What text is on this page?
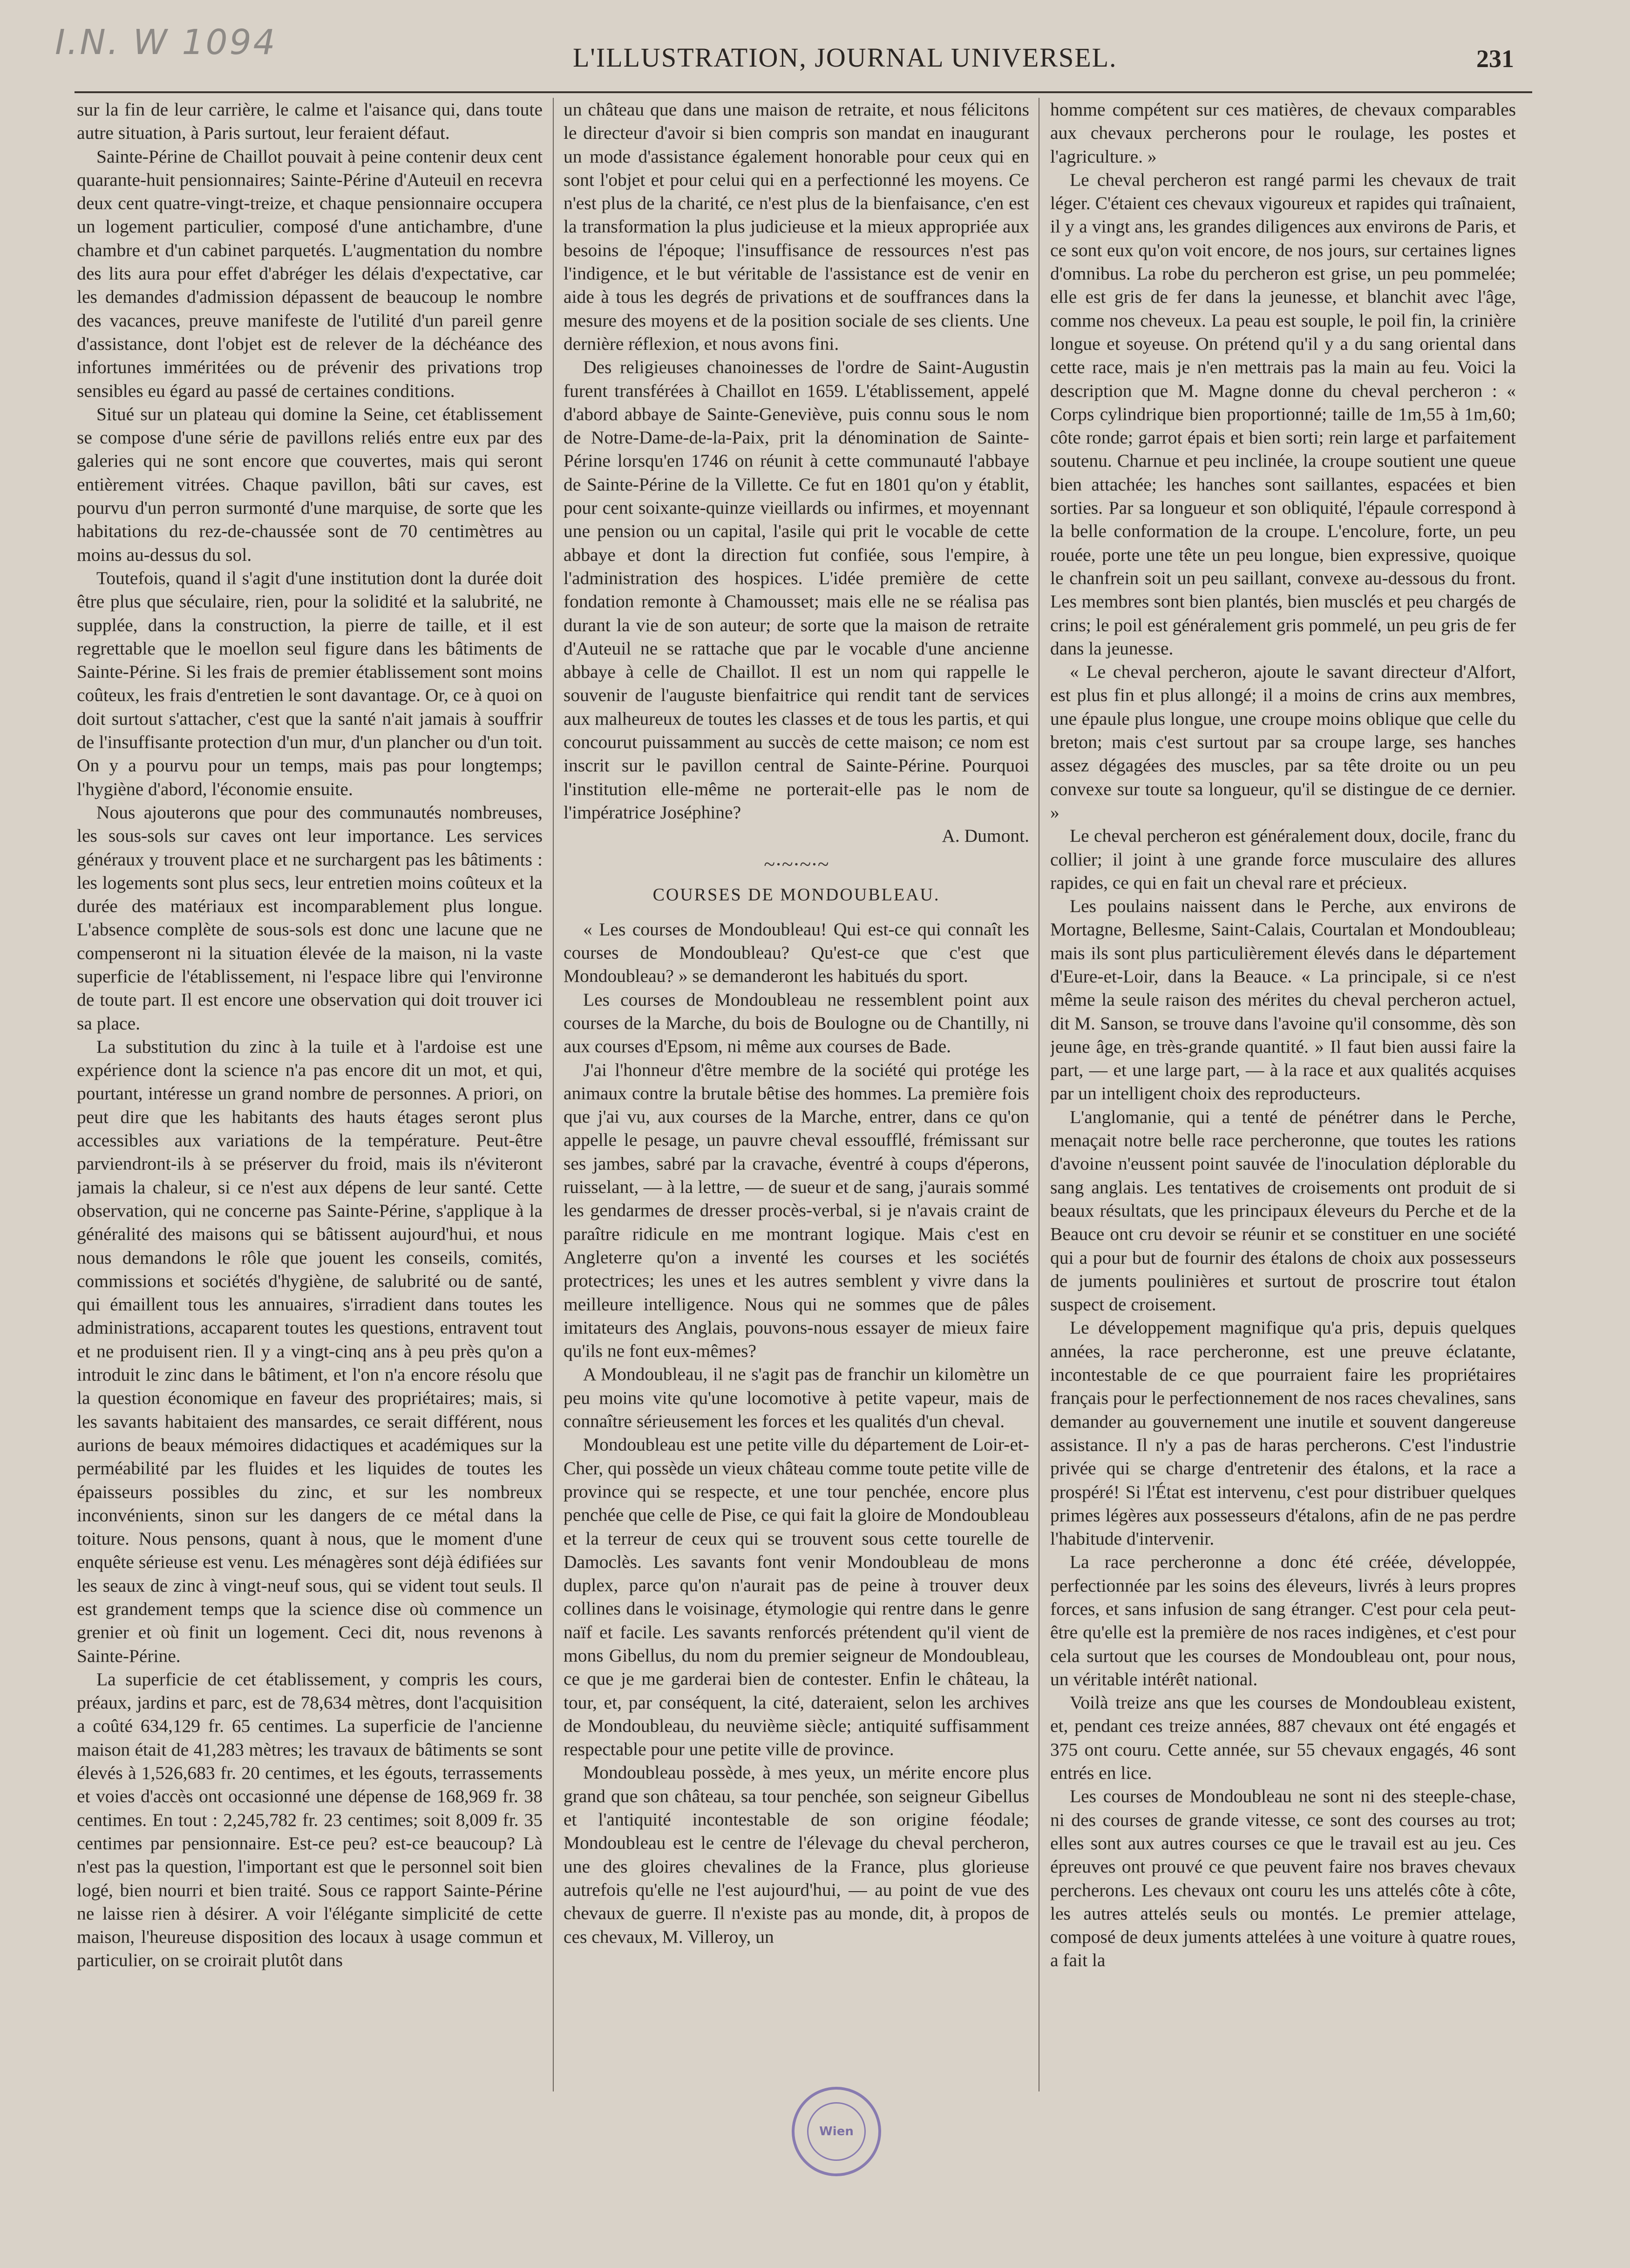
I.N. W 1094	L'ILLUSTRATION, JOURNAL UNIVERSEL.	231

sur la fin de leur carrière, le calme et l'aisance qui, dans toute autre situation, à Paris surtout, leur feraient défaut.

Sainte-Périne de Chaillot pouvait à peine contenir deux cent quarante-huit pensionnaires; Sainte-Périne d'Auteuil en recevra deux cent quatre-vingt-treize, et chaque pensionnaire occupera un logement particulier, composé d'une antichambre, d'une chambre et d'un cabinet parquetés. L'augmentation du nombre des lits aura pour effet d'abréger les délais d'expectative, car les demandes d'admission dépassent de beaucoup le nombre des vacances, preuve manifeste de l'utilité d'un pareil genre d'assistance, dont l'objet est de relever de la déchéance des infortunes imméritées ou de prévenir des privations trop sensibles eu égard au passé de certaines conditions.

Situé sur un plateau qui domine la Seine, cet établissement se compose d'une série de pavillons reliés entre eux par des galeries qui ne sont encore que couvertes, mais qui seront entièrement vitrées. Chaque pavillon, bâti sur caves, est pourvu d'un perron surmonté d'une marquise, de sorte que les habitations du rez-de-chaussée sont de 70 centimètres au moins au-dessus du sol.

Toutefois, quand il s'agit d'une institution dont la durée doit être plus que séculaire, rien, pour la solidité et la salubrité, ne supplée, dans la construction, la pierre de taille, et il est regrettable que le moellon seul figure dans les bâtiments de Sainte-Périne. Si les frais de premier établissement sont moins coûteux, les frais d'entretien le sont davantage. Or, ce à quoi on doit surtout s'attacher, c'est que la santé n'ait jamais à souffrir de l'insuffisante protection d'un mur, d'un plancher ou d'un toit. On y a pourvu pour un temps, mais pas pour longtemps; l'hygiène d'abord, l'économie ensuite.

Nous ajouterons que pour des communautés nombreuses, les sous-sols sur caves ont leur importance. Les services généraux y trouvent place et ne surchargent pas les bâtiments : les logements sont plus secs, leur entretien moins coûteux et la durée des matériaux est incomparablement plus longue. L'absence complète de sous-sols est donc une lacune que ne compenseront ni la situation élevée de la maison, ni la vaste superficie de l'établissement, ni l'espace libre qui l'environne de toute part. Il est encore une observation qui doit trouver ici sa place.

La substitution du zinc à la tuile et à l'ardoise est une expérience dont la science n'a pas encore dit un mot, et qui, pourtant, intéresse un grand nombre de personnes. A priori, on peut dire que les habitants des hauts étages seront plus accessibles aux variations de la température. Peut-être parviendront-ils à se préserver du froid, mais ils n'éviteront jamais la chaleur, si ce n'est aux dépens de leur santé. Cette observation, qui ne concerne pas Sainte-Périne, s'applique à la généralité des maisons qui se bâtissent aujourd'hui, et nous nous demandons le rôle que jouent les conseils, comités, commissions et sociétés d'hygiène, de salubrité ou de santé, qui émaillent tous les annuaires, s'irradient dans toutes les administrations, accaparent toutes les questions, entravent tout et ne produisent rien. Il y a vingt-cinq ans à peu près qu'on a introduit le zinc dans le bâtiment, et l'on n'a encore résolu que la question économique en faveur des propriétaires; mais, si les savants habitaient des mansardes, ce serait différent, nous aurions de beaux mémoires didactiques et académiques sur la perméabilité par les fluides et les liquides de toutes les épaisseurs possibles du zinc, et sur les nombreux inconvénients, sinon sur les dangers de ce métal dans la toiture. Nous pensons, quant à nous, que le moment d'une enquête sérieuse est venu. Les ménagères sont déjà édifiées sur les seaux de zinc à vingt-neuf sous, qui se vident tout seuls. Il est grandement temps que la science dise où commence un grenier et où finit un logement. Ceci dit, nous revenons à Sainte-Périne.

La superficie de cet établissement, y compris les cours, préaux, jardins et parc, est de 78,634 mètres, dont l'acquisition a coûté 634,129 fr. 65 centimes. La superficie de l'ancienne maison était de 41,283 mètres; les travaux de bâtiments se sont élevés à 1,526,683 fr. 20 centimes, et les égouts, terrassements et voies d'accès ont occasionné une dépense de 168,969 fr. 38 centimes. En tout : 2,245,782 fr. 23 centimes; soit 8,009 fr. 35 centimes par pensionnaire. Est-ce peu? est-ce beaucoup? Là n'est pas la question, l'important est que le personnel soit bien logé, bien nourri et bien traité. Sous ce rapport Sainte-Périne ne laisse rien à désirer. A voir l'élégante simplicité de cette maison, l'heureuse disposition des locaux à usage commun et particulier, on se croirait plutôt dans

un château que dans une maison de retraite, et nous félicitons le directeur d'avoir si bien compris son mandat en inaugurant un mode d'assistance également honorable pour ceux qui en sont l'objet et pour celui qui en a perfectionné les moyens. Ce n'est plus de la charité, ce n'est plus de la bienfaisance, c'en est la transformation la plus judicieuse et la mieux appropriée aux besoins de l'époque; l'insuffisance de ressources n'est pas l'indigence, et le but véritable de l'assistance est de venir en aide à tous les degrés de privations et de souffrances dans la mesure des moyens et de la position sociale de ses clients. Une dernière réflexion, et nous avons fini.

Des religieuses chanoinesses de l'ordre de Saint-Augustin furent transférées à Chaillot en 1659. L'établissement, appelé d'abord abbaye de Sainte-Geneviève, puis connu sous le nom de Notre-Dame-de-la-Paix, prit la dénomination de Sainte-Périne lorsqu'en 1746 on réunit à cette communauté l'abbaye de Sainte-Périne de la Villette. Ce fut en 1801 qu'on y établit, pour cent soixante-quinze vieillards ou infirmes, et moyennant une pension ou un capital, l'asile qui prit le vocable de cette abbaye et dont la direction fut confiée, sous l'empire, à l'administration des hospices. L'idée première de cette fondation remonte à Chamousset; mais elle ne se réalisa pas durant la vie de son auteur; de sorte que la maison de retraite d'Auteuil ne se rattache que par le vocable d'une ancienne abbaye à celle de Chaillot. Il est un nom qui rappelle le souvenir de l'auguste bienfaitrice qui rendit tant de services aux malheureux de toutes les classes et de tous les partis, et qui concourut puissamment au succès de cette maison; ce nom est inscrit sur le pavillon central de Sainte-Périne. Pourquoi l'institution elle-même ne porterait-elle pas le nom de l'impératrice Joséphine?

A. Dumont.

~·~·~·~

COURSES DE MONDOUBLEAU.

« Les courses de Mondoubleau! Qui est-ce qui connaît les courses de Mondoubleau? Qu'est-ce que c'est que Mondoubleau? » se demanderont les habitués du sport.

Les courses de Mondoubleau ne ressemblent point aux courses de la Marche, du bois de Boulogne ou de Chantilly, ni aux courses d'Epsom, ni même aux courses de Bade.

J'ai l'honneur d'être membre de la société qui protége les animaux contre la brutale bêtise des hommes. La première fois que j'ai vu, aux courses de la Marche, entrer, dans ce qu'on appelle le pesage, un pauvre cheval essoufflé, frémissant sur ses jambes, sabré par la cravache, éventré à coups d'éperons, ruisselant, — à la lettre, — de sueur et de sang, j'aurais sommé les gendarmes de dresser procès-verbal, si je n'avais craint de paraître ridicule en me montrant logique. Mais c'est en Angleterre qu'on a inventé les courses et les sociétés protectrices; les unes et les autres semblent y vivre dans la meilleure intelligence. Nous qui ne sommes que de pâles imitateurs des Anglais, pouvons-nous essayer de mieux faire qu'ils ne font eux-mêmes?

A Mondoubleau, il ne s'agit pas de franchir un kilomètre un peu moins vite qu'une locomotive à petite vapeur, mais de connaître sérieusement les forces et les qualités d'un cheval.

Mondoubleau est une petite ville du département de Loir-et-Cher, qui possède un vieux château comme toute petite ville de province qui se respecte, et une tour penchée, encore plus penchée que celle de Pise, ce qui fait la gloire de Mondoubleau et la terreur de ceux qui se trouvent sous cette tourelle de Damoclès. Les savants font venir Mondoubleau de mons duplex, parce qu'on n'aurait pas de peine à trouver deux collines dans le voisinage, étymologie qui rentre dans le genre naïf et facile. Les savants renforcés prétendent qu'il vient de mons Gibellus, du nom du premier seigneur de Mondoubleau, ce que je me garderai bien de contester. Enfin le château, la tour, et, par conséquent, la cité, dateraient, selon les archives de Mondoubleau, du neuvième siècle; antiquité suffisamment respectable pour une petite ville de province.

Mondoubleau possède, à mes yeux, un mérite encore plus grand que son château, sa tour penchée, son seigneur Gibellus et l'antiquité incontestable de son origine féodale; Mondoubleau est le centre de l'élevage du cheval percheron, une des gloires chevalines de la France, plus glorieuse autrefois qu'elle ne l'est aujourd'hui, — au point de vue des chevaux de guerre. Il n'existe pas au monde, dit, à propos de ces chevaux, M. Villeroy, un

homme compétent sur ces matières, de chevaux comparables aux chevaux percherons pour le roulage, les postes et l'agriculture. »

Le cheval percheron est rangé parmi les chevaux de trait léger. C'étaient ces chevaux vigoureux et rapides qui traînaient, il y a vingt ans, les grandes diligences aux environs de Paris, et ce sont eux qu'on voit encore, de nos jours, sur certaines lignes d'omnibus. La robe du percheron est grise, un peu pommelée; elle est gris de fer dans la jeunesse, et blanchit avec l'âge, comme nos cheveux. La peau est souple, le poil fin, la crinière longue et soyeuse. On prétend qu'il y a du sang oriental dans cette race, mais je n'en mettrais pas la main au feu. Voici la description que M. Magne donne du cheval percheron : « Corps cylindrique bien proportionné; taille de 1m,55 à 1m,60; côte ronde; garrot épais et bien sorti; rein large et parfaitement soutenu. Charnue et peu inclinée, la croupe soutient une queue bien attachée; les hanches sont saillantes, espacées et bien sorties. Par sa longueur et son obliquité, l'épaule correspond à la belle conformation de la croupe. L'encolure, forte, un peu rouée, porte une tête un peu longue, bien expressive, quoique le chanfrein soit un peu saillant, convexe au-dessous du front. Les membres sont bien plantés, bien musclés et peu chargés de crins; le poil est généralement gris pommelé, un peu gris de fer dans la jeunesse.

« Le cheval percheron, ajoute le savant directeur d'Alfort, est plus fin et plus allongé; il a moins de crins aux membres, une épaule plus longue, une croupe moins oblique que celle du breton; mais c'est surtout par sa croupe large, ses hanches assez dégagées des muscles, par sa tête droite ou un peu convexe sur toute sa longueur, qu'il se distingue de ce dernier. »

Le cheval percheron est généralement doux, docile, franc du collier; il joint à une grande force musculaire des allures rapides, ce qui en fait un cheval rare et précieux.

Les poulains naissent dans le Perche, aux environs de Mortagne, Bellesme, Saint-Calais, Courtalan et Mondoubleau; mais ils sont plus particulièrement élevés dans le département d'Eure-et-Loir, dans la Beauce. « La principale, si ce n'est même la seule raison des mérites du cheval percheron actuel, dit M. Sanson, se trouve dans l'avoine qu'il consomme, dès son jeune âge, en très-grande quantité. » Il faut bien aussi faire la part, — et une large part, — à la race et aux qualités acquises par un intelligent choix des reproducteurs.

L'anglomanie, qui a tenté de pénétrer dans le Perche, menaçait notre belle race percheronne, que toutes les rations d'avoine n'eussent point sauvée de l'inoculation déplorable du sang anglais. Les tentatives de croisements ont produit de si beaux résultats, que les principaux éleveurs du Perche et de la Beauce ont cru devoir se réunir et se constituer en une société qui a pour but de fournir des étalons de choix aux possesseurs de juments poulinières et surtout de proscrire tout étalon suspect de croisement.

Le développement magnifique qu'a pris, depuis quelques années, la race percheronne, est une preuve éclatante, incontestable de ce que pourraient faire les propriétaires français pour le perfectionnement de nos races chevalines, sans demander au gouvernement une inutile et souvent dangereuse assistance. Il n'y a pas de haras percherons. C'est l'industrie privée qui se charge d'entretenir des étalons, et la race a prospéré! Si l'État est intervenu, c'est pour distribuer quelques primes légères aux possesseurs d'étalons, afin de ne pas perdre l'habitude d'intervenir.

La race percheronne a donc été créée, développée, perfectionnée par les soins des éleveurs, livrés à leurs propres forces, et sans infusion de sang étranger. C'est pour cela peut-être qu'elle est la première de nos races indigènes, et c'est pour cela surtout que les courses de Mondoubleau ont, pour nous, un véritable intérêt national.

Voilà treize ans que les courses de Mondoubleau existent, et, pendant ces treize années, 887 chevaux ont été engagés et 375 ont couru. Cette année, sur 55 chevaux engagés, 46 sont entrés en lice.

Les courses de Mondoubleau ne sont ni des steeple-chase, ni des courses de grande vitesse, ce sont des courses au trot; elles sont aux autres courses ce que le travail est au jeu. Ces épreuves ont prouvé ce que peuvent faire nos braves chevaux percherons. Les chevaux ont couru les uns attelés côte à côte, les autres attelés seuls ou montés. Le premier attelage, composé de deux juments attelées à une voiture à quatre roues, a fait la

Wien
